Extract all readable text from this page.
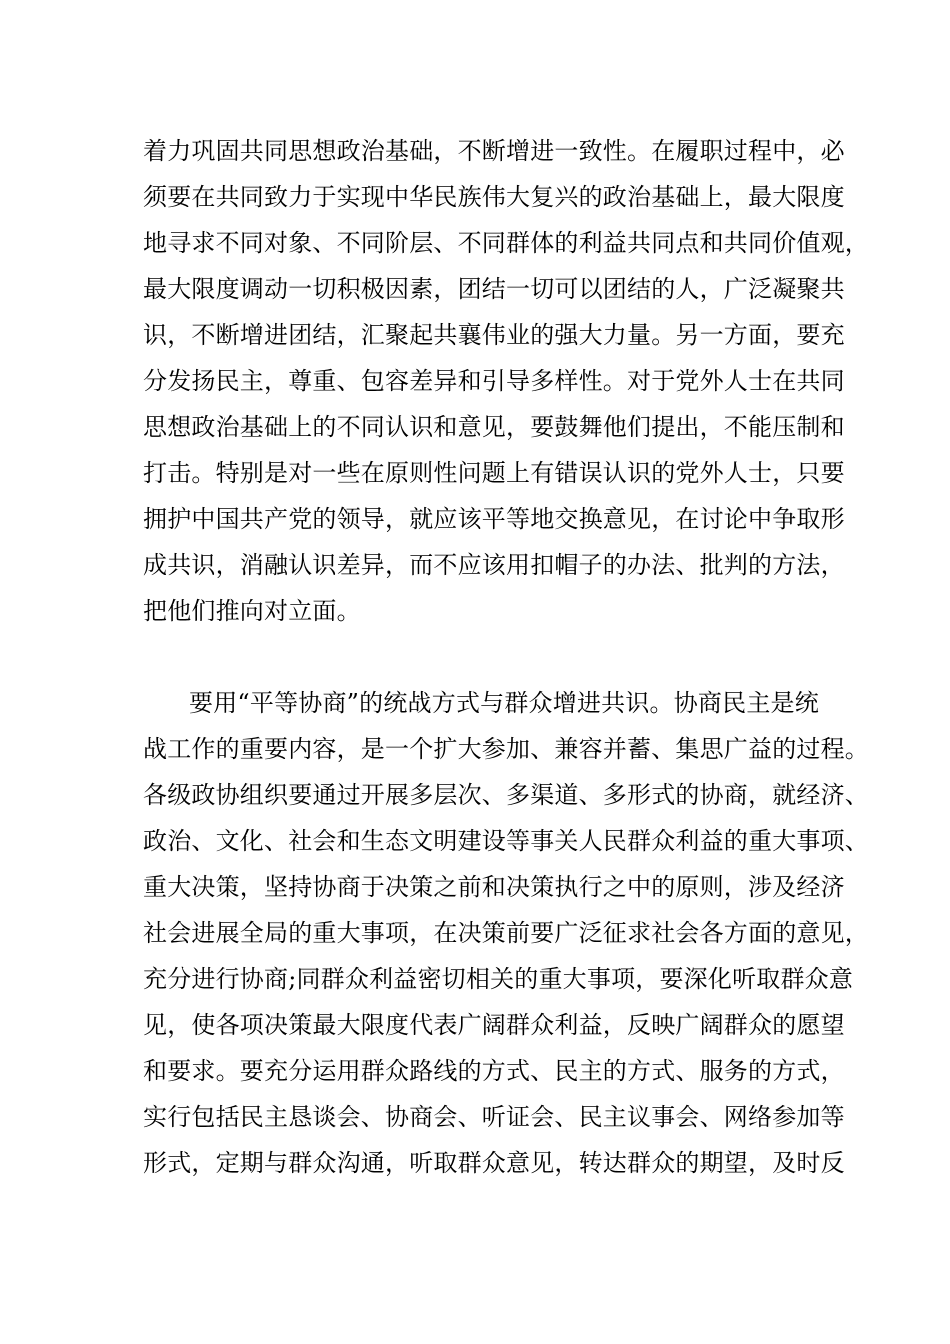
着力巩固共同思想政治基础，不断增进一致性。在履职过程中，必
须要在共同致力于实现中华民族伟大复兴的政治基础上，最大限度
地寻求不同对象、不同阶层、不同群体的利益共同点和共同价值观，
最大限度调动一切积极因素，团结一切可以团结的人，广泛凝聚共
识，不断增进团结，汇聚起共襄伟业的强大力量。另一方面，要充
分发扬民主，尊重、包容差异和引导多样性。对于党外人士在共同
思想政治基础上的不同认识和意见，要鼓舞他们提出，不能压制和
打击。特别是对一些在原则性问题上有错误认识的党外人士，只要
拥护中国共产党的领导，就应该平等地交换意见，在讨论中争取形
成共识，消融认识差异，而不应该用扣帽子的办法、批判的方法，
把他们推向对立面。
要用“平等协商”的统战方式与群众增进共识。协商民主是统
战工作的重要内容，是一个扩大参加、兼容并蓄、集思广益的过程。
各级政协组织要通过开展多层次、多渠道、多形式的协商，就经济、
政治、文化、社会和生态文明建设等事关人民群众利益的重大事项、
重大决策，坚持协商于决策之前和决策执行之中的原则，涉及经济
社会进展全局的重大事项，在决策前要广泛征求社会各方面的意见，
充分进行协商;同群众利益密切相关的重大事项，要深化听取群众意
见，使各项决策最大限度代表广阔群众利益，反映广阔群众的愿望
和要求。要充分运用群众路线的方式、民主的方式、服务的方式，
实行包括民主恳谈会、协商会、听证会、民主议事会、网络参加等
形式，定期与群众沟通，听取群众意见，转达群众的期望，及时反
